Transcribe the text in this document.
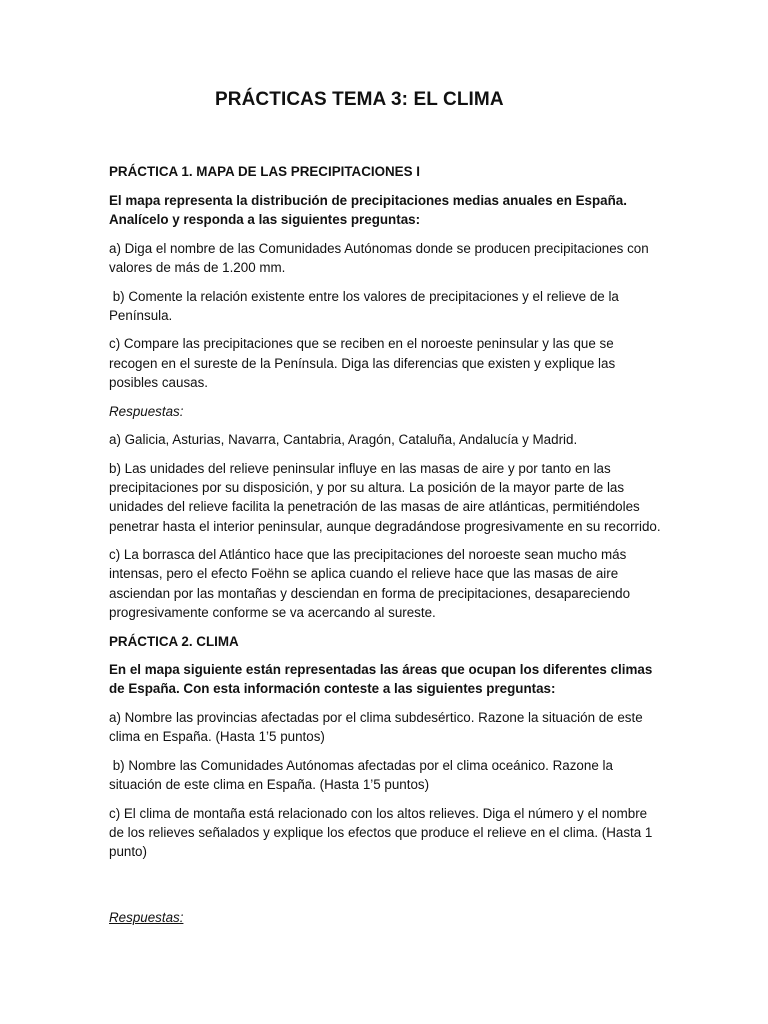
PRÁCTICAS TEMA 3: EL CLIMA

PRÁCTICA 1. MAPA DE LAS PRECIPITACIONES I

El mapa representa la distribución de precipitaciones medias anuales en España. Analícelo y responda a las siguientes preguntas:

a) Diga el nombre de las Comunidades Autónomas donde se producen precipitaciones con valores de más de 1.200 mm.

b) Comente la relación existente entre los valores de precipitaciones y el relieve de la Península.

c) Compare las precipitaciones que se reciben en el noroeste peninsular y las que se recogen en el sureste de la Península. Diga las diferencias que existen y explique las posibles causas.

Respuestas:

a) Galicia, Asturias, Navarra, Cantabria, Aragón, Cataluña, Andalucía y Madrid.

b) Las unidades del relieve peninsular influye en las masas de aire y por tanto en las precipitaciones por su disposición, y por su altura. La posición de la mayor parte de las unidades del relieve facilita la penetración de las masas de aire atlánticas, permitiéndoles penetrar hasta el interior peninsular, aunque degradándose progresivamente en su recorrido.

c) La borrasca del Atlántico hace que las precipitaciones del noroeste sean mucho más intensas, pero el efecto Foëhn se aplica cuando el relieve hace que las masas de aire asciendan por las montañas y desciendan en forma de precipitaciones, desapareciendo progresivamente conforme se va acercando al sureste.

PRÁCTICA 2. CLIMA

En el mapa siguiente están representadas las áreas que ocupan los diferentes climas de España. Con esta información conteste a las siguientes preguntas:

a) Nombre las provincias afectadas por el clima subdesértico. Razone la situación de este clima en España. (Hasta 1’5 puntos)

b) Nombre las Comunidades Autónomas afectadas por el clima oceánico. Razone la situación de este clima en España. (Hasta 1’5 puntos)

c) El clima de montaña está relacionado con los altos relieves. Diga el número y el nombre de los relieves señalados y explique los efectos que produce el relieve en el clima. (Hasta 1 punto)

Respuestas:
